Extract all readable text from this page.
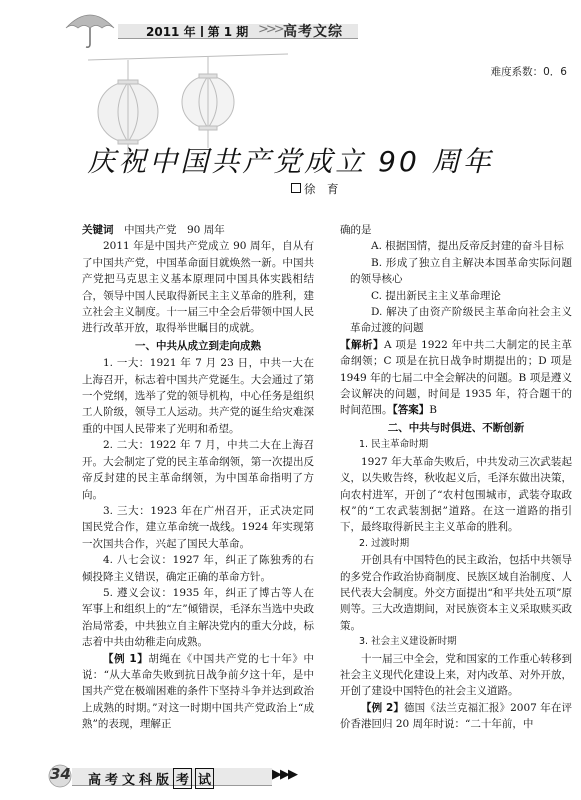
2011 年 第 1 期 >>> 高考文综
难度系数：0．6
庆祝中国共产党成立 90 周年
徐　育

关键词　 中国共产党　90 周年

2011 年是中国共产党成立 90 周年，自从有了中国共产党，中国革命面目就焕然一新。中国共产党把马克思主义基本原理同中国具体实践相结合，领导中国人民取得新民主主义革命的胜利，建立社会主义制度。十一届三中全会后带领中国人民进行改革开放，取得举世瞩目的成就。

一、中共从成立到走向成熟

1. 一大：1921 年 7 月 23 日，中共一大在上海召开，标志着中国共产党诞生。大会通过了第一个党纲，选举了党的领导机构，中心任务是组织工人阶级，领导工人运动。共产党的诞生给灾难深重的中国人民带来了光明和希望。

2. 二大：1922 年 7 月，中共二大在上海召开。大会制定了党的民主革命纲领，第一次提出反帝反封建的民主革命纲领，为中国革命指明了方向。

3. 三大：1923 年在广州召开，正式决定同国民党合作，建立革命统一战线。1924 年实现第一次国共合作，兴起了国民大革命。

4. 八七会议：1927 年，纠正了陈独秀的右倾投降主义错误，确定正确的革命方针。

5. 遵义会议：1935 年，纠正了博古等人在军事上和组织上的“左”倾错误，毛泽东当选中央政治局常委，中共独立自主解决党内的重大分歧，标志着中共由幼稚走向成熟。

【例 1】胡绳在《中国共产党的七十年》中说：“从大革命失败到抗日战争前夕这十年，是中国共产党在极端困难的条件下坚持斗争并达到政治上成熟的时期。”对这一时期中国共产党政治上“成熟”的表现，理解正

确的是

A. 根据国情，提出反帝反封建的奋斗目标

B. 形成了独立自主解决本国革命实际问题的领导核心

C. 提出新民主主义革命理论

D. 解决了由资产阶级民主革命向社会主义革命过渡的问题

【解析】A 项是 1922 年中共二大制定的民主革命纲领；C 项是在抗日战争时期提出的；D 项是 1949 年的七届二中全会解决的问题。B 项是遵义会议解决的问题，时间是 1935 年，符合题干的时间范围。【答案】B

二、中共与时俱进、不断创新

1. 民主革命时期

1927 年大革命失败后，中共发动三次武装起义，以失败告终，秋收起义后，毛泽东做出决策，向农村进军，开创了“农村包围城市，武装夺取政权”的“工农武装割据”道路。在这一道路的指引下，最终取得新民主主义革命的胜利。

2. 过渡时期

开创具有中国特色的民主政治，包括中共领导的多党合作政治协商制度、民族区域自治制度、人民代表大会制度。外交方面提出“和平共处五项”原则等。三大改造期间，对民族资本主义采取赎买政策。

3. 社会主义建设新时期

十一届三中全会，党和国家的工作重心转移到社会主义现代化建设上来，对内改革、对外开放，开创了建设中国特色的社会主义道路。

【例 2】德国《法兰克福汇报》2007 年在评价香港回归 20 周年时说：“二十年前，中

34 高考文科版 考 试	▶▶▶
